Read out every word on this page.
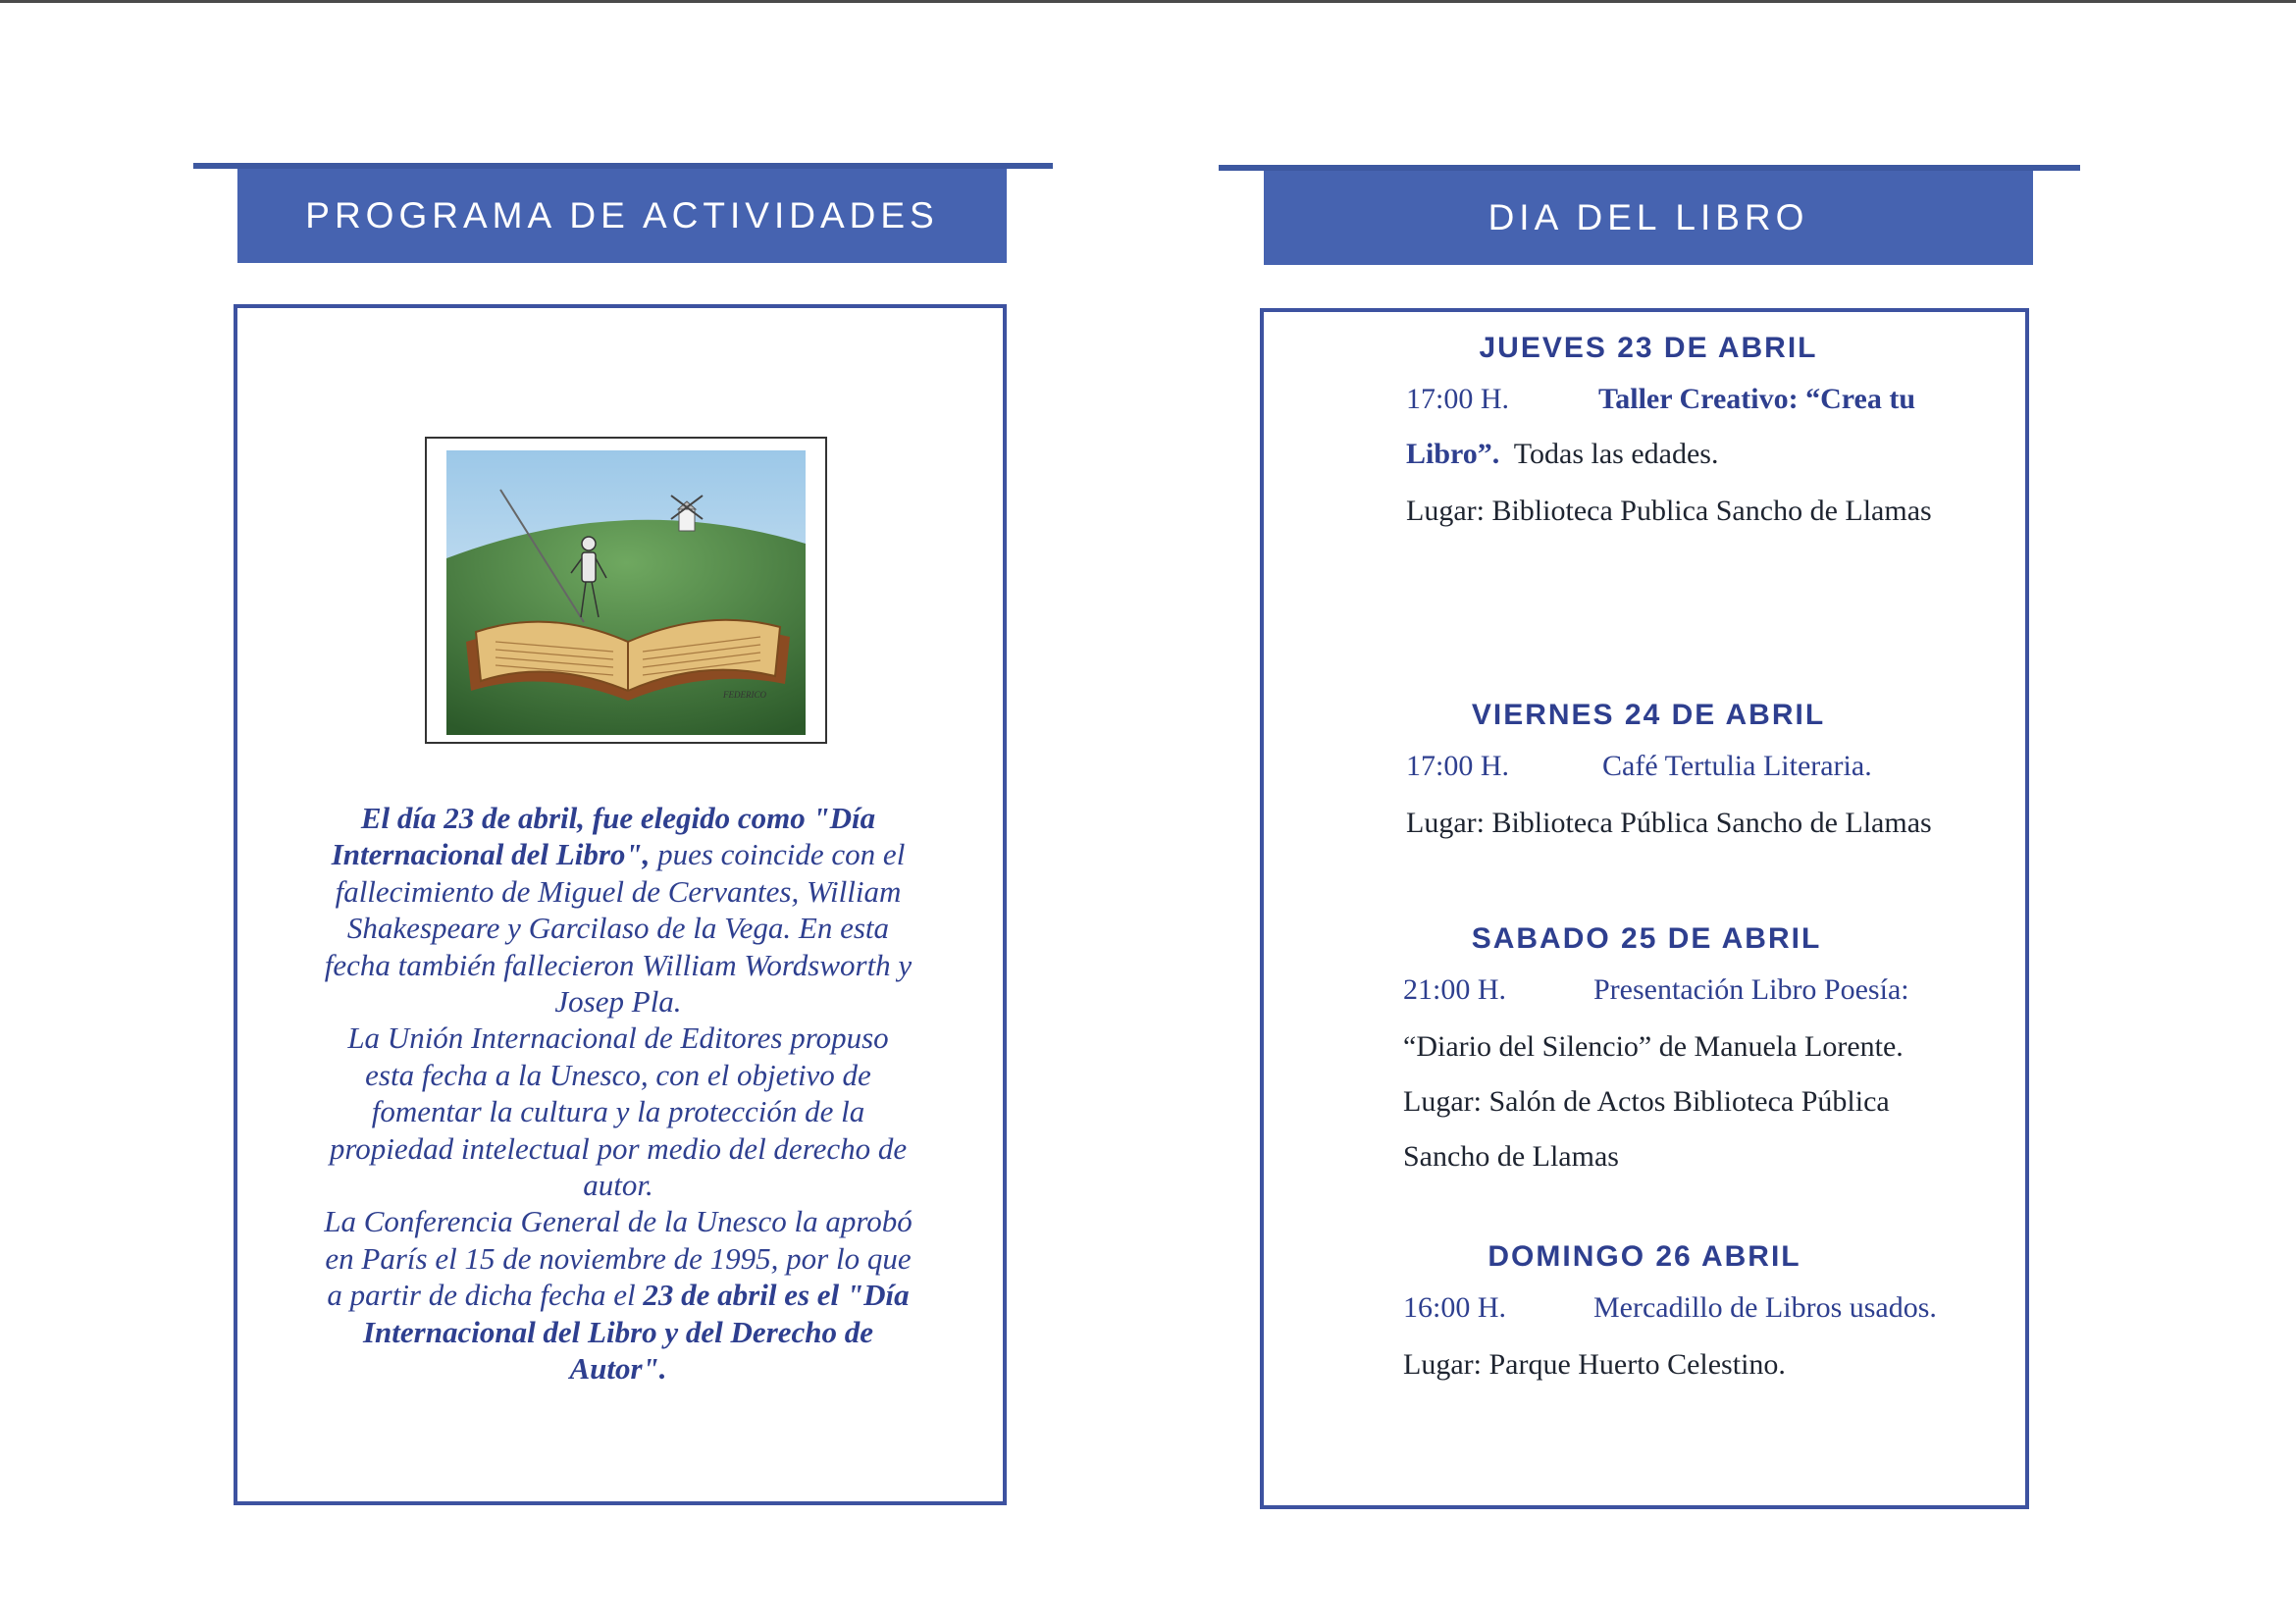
PROGRAMA DE ACTIVIDADES
FEDERICO
El día 23 de abril, fue elegido como "Día Internacional del Libro", pues coincide con el fallecimiento de Miguel de Cervantes, William Shakespeare y Garcilaso de la Vega. En esta fecha también fallecieron William Wordsworth y Josep Pla.
La Unión Internacional de Editores propuso esta fecha a la Unesco, con el objetivo de fomentar la cultura y la protección de la propiedad intelectual por medio del derecho de autor.
La Conferencia General de la Unesco la aprobó en París el 15 de noviembre de 1995, por lo que a partir de dicha fecha el 23 de abril es el "Día Internacional del Libro y del Derecho de Autor".
DIA DEL LIBRO
JUEVES 23 DE ABRIL
17:00 H.	Taller Creativo: “Crea tu
Libro”. Todas las edades.
Lugar: Biblioteca Publica Sancho de Llamas
VIERNES 24 DE ABRIL
17:00 H.	Café Tertulia Literaria.
Lugar: Biblioteca Pública Sancho de Llamas
SABADO 25 DE ABRIL
21:00 H.	Presentación Libro Poesía:
“Diario del Silencio” de Manuela Lorente.
Lugar: Salón de Actos Biblioteca Pública
Sancho de Llamas
DOMINGO 26 ABRIL
16:00 H.	Mercadillo de Libros usados.
Lugar: Parque Huerto Celestino.
